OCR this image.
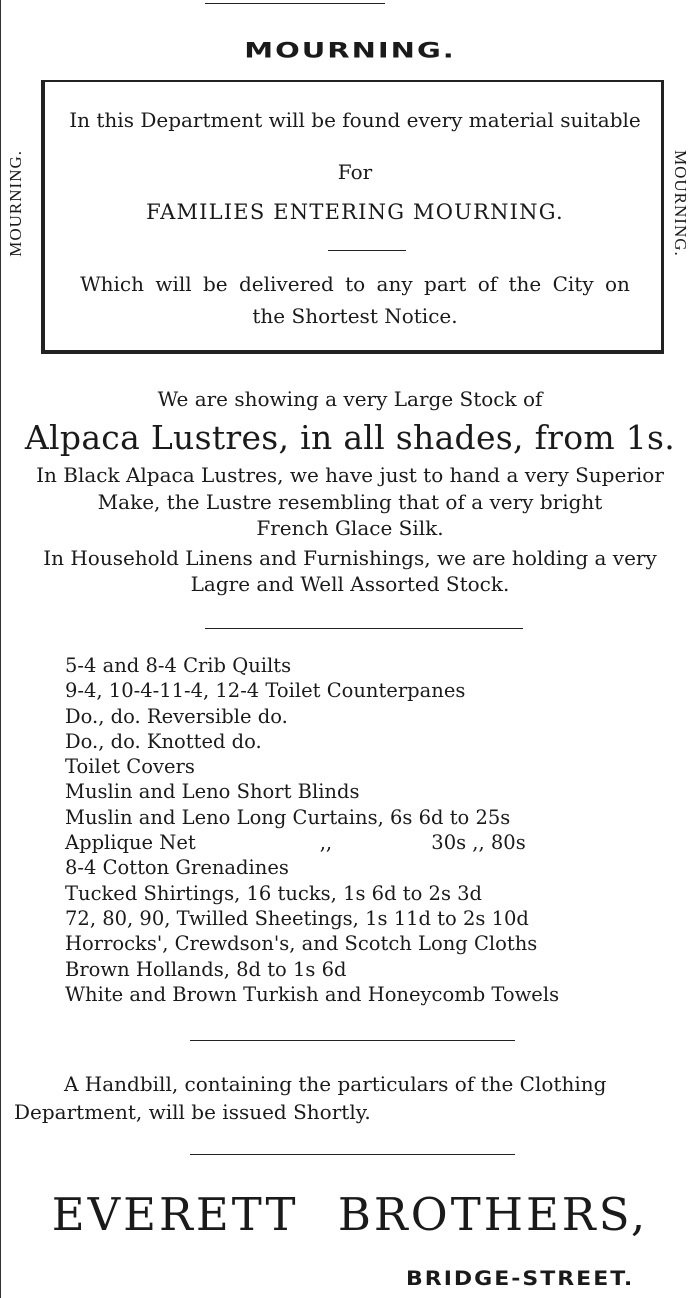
MOURNING.
MOURNING.	MOURNING.
In this Department will be found every material suitable
For
FAMILIES ENTERING MOURNING.
Which will be delivered to any part of the City on
the Shortest Notice.
We are showing a very Large Stock of
Alpaca Lustres, in all shades, from 1s.
In Black Alpaca Lustres, we have just to hand a very Superior
Make, the Lustre resembling that of a very bright
French Glace Silk.
In Household Linens and Furnishings, we are holding a very
Lagre and Well Assorted Stock.
5-4 and 8-4 Crib Quilts
9-4, 10-4-11-4, 12-4 Toilet Counterpanes
Do., do. Reversible do.
Do., do. Knotted do.
Toilet Covers
Muslin and Leno Short Blinds
Muslin and Leno Long Curtains, 6s 6d to 25s
Applique Net                    ,,                30s ,, 80s
8-4 Cotton Grenadines
Tucked Shirtings, 16 tucks, 1s 6d to 2s 3d
72, 80, 90, Twilled Sheetings, 1s 11d to 2s 10d
Horrocks', Crewdson's, and Scotch Long Cloths
Brown Hollands, 8d to 1s 6d
White and Brown Turkish and Honeycomb Towels
A Handbill, containing the particulars of the Clothing Department, will be issued Shortly.
EVERETT BROTHERS,
BRIDGE-STREET.
